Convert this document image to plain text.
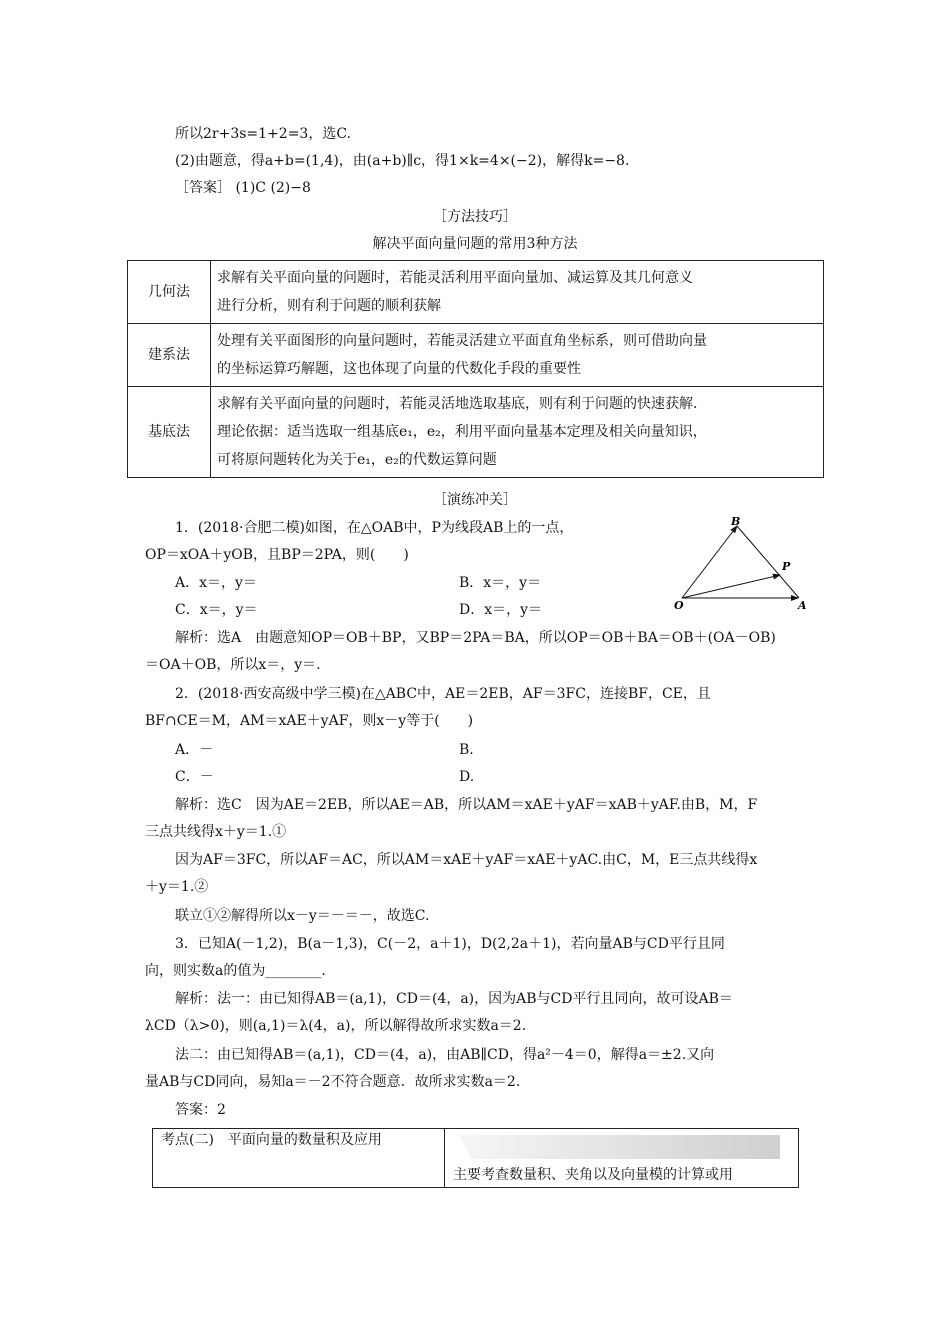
所以2r+3s=1+2=3，选C.
(2)由题意，得a+b=(1,4)，由(a+b)∥c，得1×k=4×(−2)，解得k=−8.
［答案］ (1)C (2)−8
［方法技巧］
解决平面向量问题的常用3种方法
几何法	求解有关平面向量的问题时，若能灵活利用平面向量加、减运算及其几何意义
进行分析，则有利于问题的顺利获解

建系法	处理有关平面图形的向量问题时，若能灵活建立平面直角坐标系，则可借助向量
的坐标运算巧解题，这也体现了向量的代数化手段的重要性

基底法	求解有关平面向量的问题时，若能灵活地选取基底，则有利于问题的快速获解.
理论依据：适当选取一组基底e₁，e₂，利用平面向量基本定理及相关向量知识，
可将原问题转化为关于e₁，e₂的代数运算问题
［演练冲关］
1．(2018·合肥二模)如图，在△OAB中，P为线段AB上的一点，
OP＝xOA＋yOB，且BP＝2PA，则(　　)
A．x＝，y＝	B．x＝，y＝
C．x＝，y＝	D．x＝，y＝
解析：选A　由题意知OP＝OB＋BP，又BP＝2PA＝BA，所以OP＝OB＋BA＝OB＋(OA－OB)
＝OA＋OB，所以x＝，y＝.
B
P
O	A
2．(2018·西安高级中学三模)在△ABC中，AE＝2EB，AF＝3FC，连接BF，CE，且
BF∩CE＝M，AM＝xAE＋yAF，则x－y等于(　　)
A．－	B.
C．－	D.
解析：选C　因为AE＝2EB，所以AE＝AB，所以AM＝xAE＋yAF＝xAB＋yAF.由B，M，F
三点共线得x＋y＝1.①
因为AF＝3FC，所以AF＝AC，所以AM＝xAE＋yAF＝xAE＋yAC.由C，M，E三点共线得x
＋y＝1.②
联立①②解得所以x－y＝－＝－，故选C.
3．已知A(－1,2)，B(a－1,3)，C(－2，a＋1)，D(2,2a＋1)，若向量AB与CD平行且同
向，则实数a的值为________.
解析：法一：由已知得AB＝(a,1)，CD＝(4，a)，因为AB与CD平行且同向，故可设AB＝
λCD（λ>0)，则(a,1)＝λ(4，a)，所以解得故所求实数a＝2.
法二：由已知得AB＝(a,1)，CD＝(4，a)，由AB∥CD，得a²－4＝0，解得a＝±2.又向
量AB与CD同向，易知a＝－2不符合题意．故所求实数a＝2.
答案：2
考点(二)　平面向量的数量积及应用	
主要考查数量积、夹角以及向量模的计算或用
